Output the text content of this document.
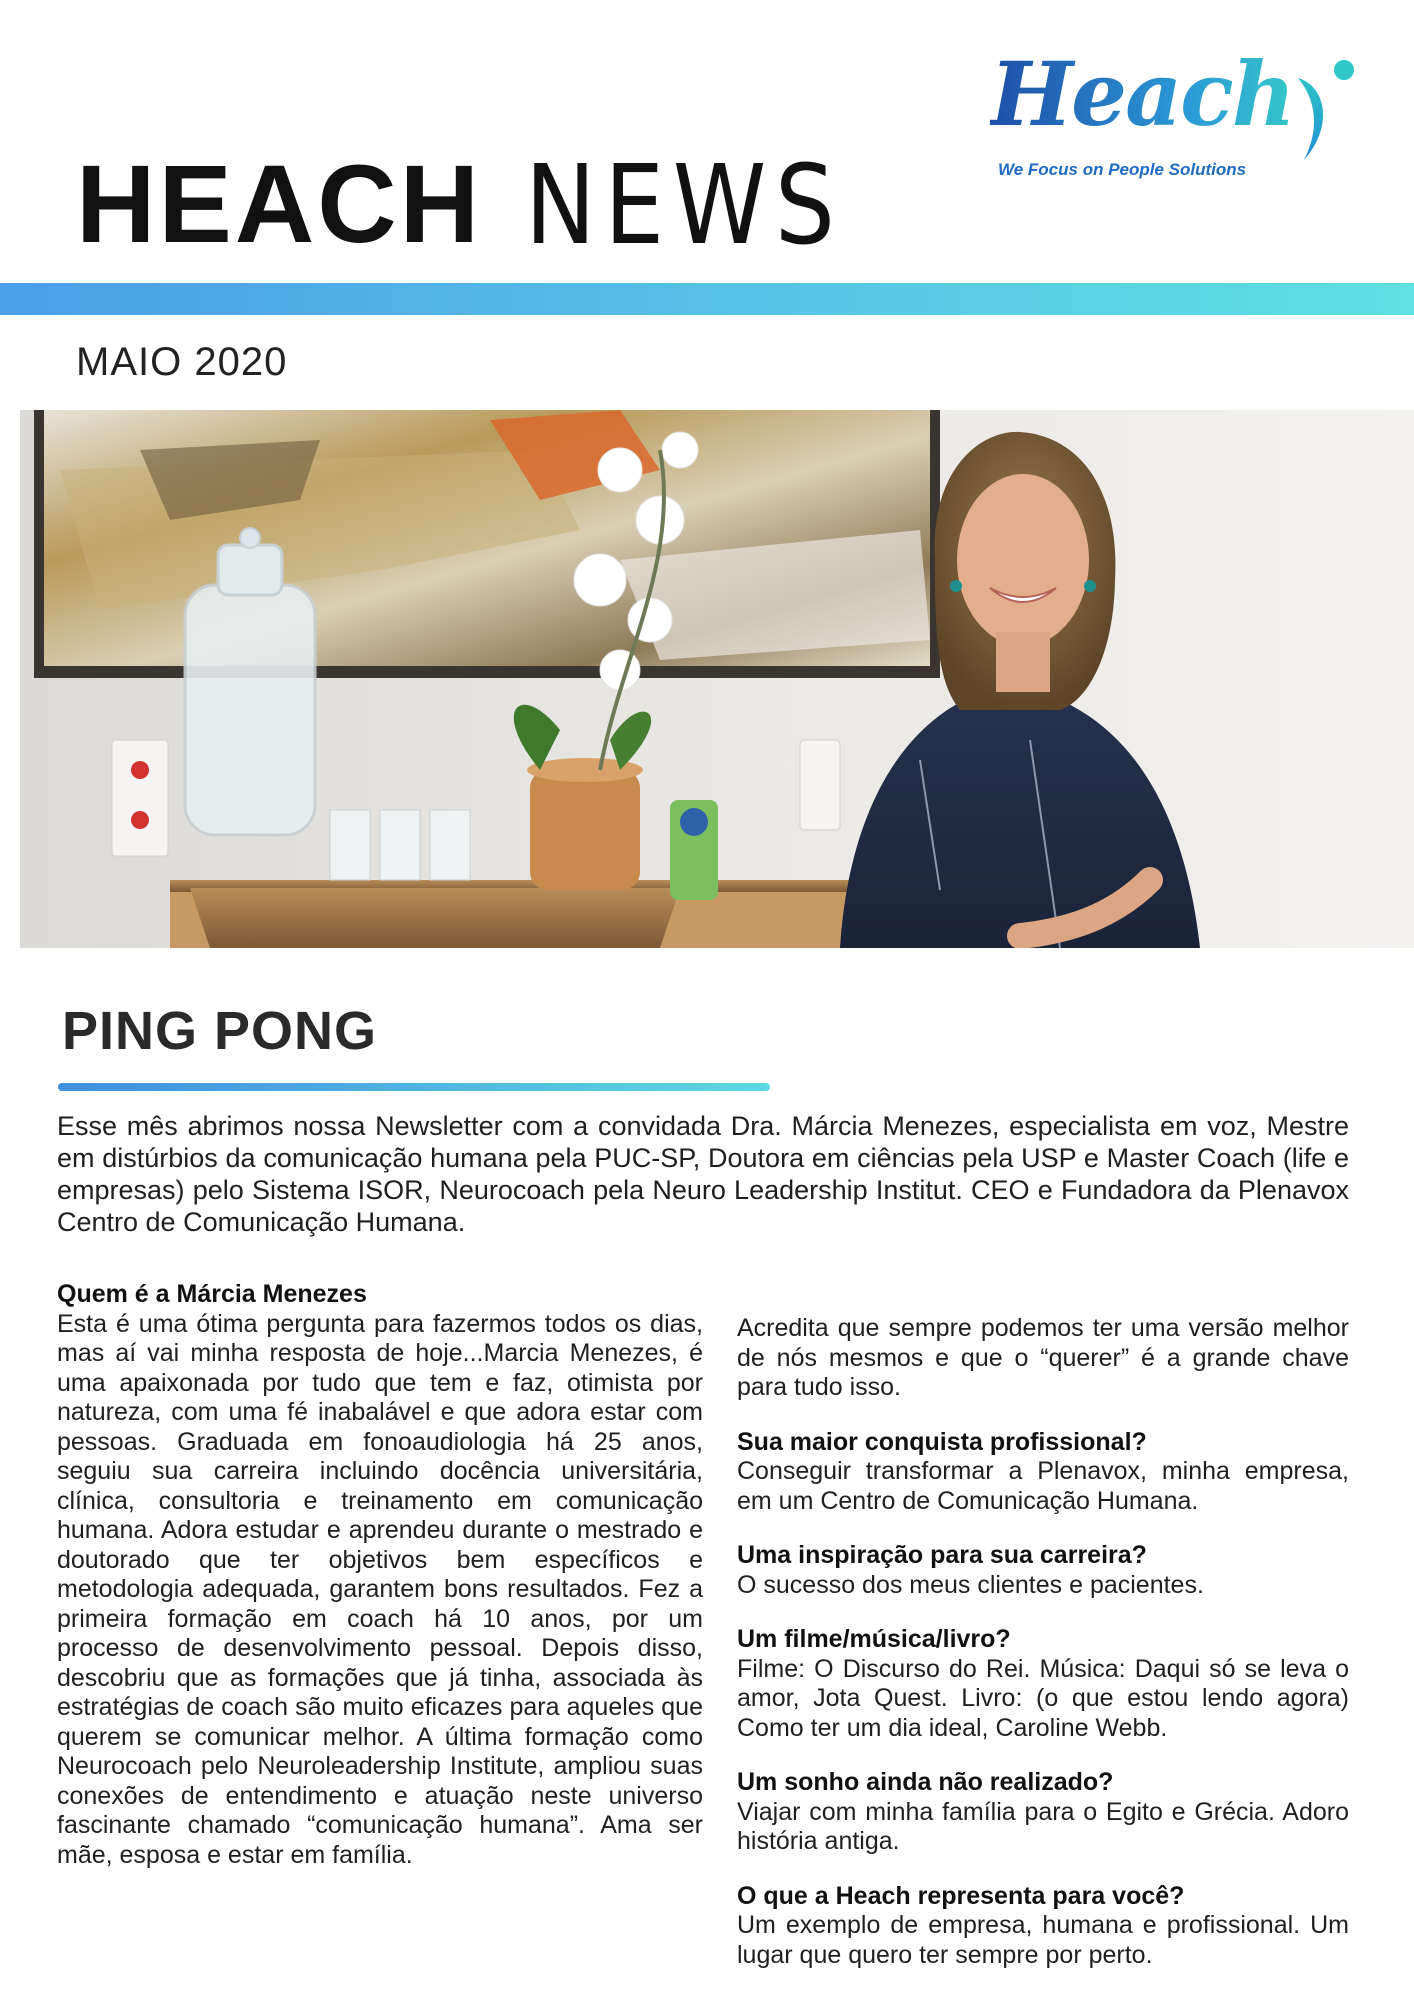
HEACH NEWS
Heach
We Focus on People Solutions
MAIO 2020
PING PONG
Esse mês abrimos nossa Newsletter com a convidada Dra. Márcia Menezes, especialista em voz, Mestre em distúrbios da comunicação humana pela PUC-SP, Doutora em ciências pela USP e Master Coach (life e empresas) pelo Sistema ISOR, Neurocoach pela Neuro Leadership Institut. CEO e Fundadora da Plenavox Centro de Comunicação Humana.

Quem é a Márcia Menezes

Esta é uma ótima pergunta para fazermos todos os dias, mas aí vai minha resposta de hoje...Marcia Menezes, é uma apaixonada por tudo que tem e faz, otimista por natureza, com uma fé inabalável e que adora estar com pessoas. Graduada em fonoaudiologia há 25 anos, seguiu sua carreira incluindo docência universitária, clínica, consultoria e treinamento em comunicação humana. Adora estudar e aprendeu durante o mestrado e doutorado que ter objetivos bem específicos e metodologia adequada, garantem bons resultados. Fez a primeira formação em coach há 10 anos, por um processo de desenvolvimento pessoal. Depois disso, descobriu que as formações que já tinha, associada às estratégias de coach são muito eficazes para aqueles que querem se comunicar melhor. A última formação como Neurocoach pelo Neuroleadership Institute, ampliou suas conexões de entendimento e atuação neste universo fascinante chamado “comunicação humana”. Ama ser mãe, esposa e estar em família.

Acredita que sempre podemos ter uma versão melhor de nós mesmos e que o “querer” é a grande chave para tudo isso.

Sua maior conquista profissional?

Conseguir transformar a Plenavox, minha empresa, em um Centro de Comunicação Humana.

Uma inspiração para sua carreira?

O sucesso dos meus clientes e pacientes.

Um filme/música/livro?

Filme: O Discurso do Rei. Música: Daqui só se leva o amor, Jota Quest. Livro: (o que estou lendo agora) Como ter um dia ideal, Caroline Webb.

Um sonho ainda não realizado?

Viajar com minha família para o Egito e Grécia. Adoro história antiga.

O que a Heach representa para você?

Um exemplo de empresa, humana e profissional. Um lugar que quero ter sempre por perto.
